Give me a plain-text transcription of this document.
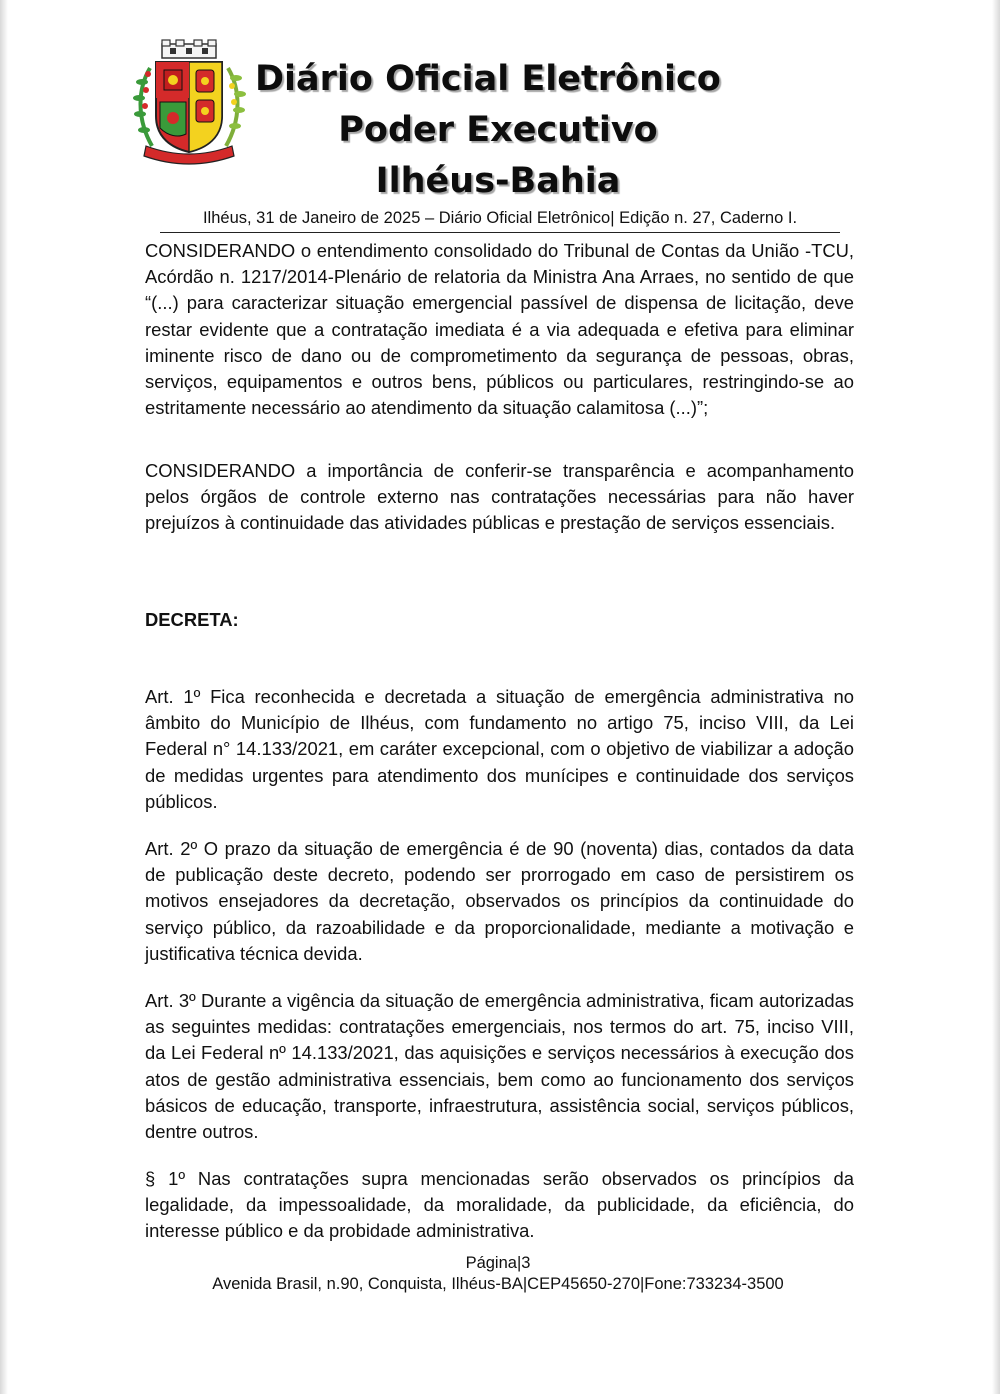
Diário Oficial Eletrônico
Poder Executivo
Ilhéus-Bahia
Ilhéus, 31 de Janeiro de 2025 – Diário Oficial Eletrônico| Edição n. 27, Caderno I.
CONSIDERANDO o entendimento consolidado do Tribunal de Contas da União -TCU, Acórdão n. 1217/2014-Plenário de relatoria da Ministra Ana Arraes, no sentido de que “(...) para caracterizar situação emergencial passível de dispensa de licitação, deve restar evidente que a contratação imediata é a via adequada e efetiva para eliminar iminente risco de dano ou de comprometimento da segurança de pessoas, obras, serviços, equipamentos e outros bens, públicos ou particulares, restringindo-se ao estritamente necessário ao atendimento da situação calamitosa (...)”;
CONSIDERANDO a importância de conferir-se transparência e acompanhamento pelos órgãos de controle externo nas contratações necessárias para não haver prejuízos à continuidade das atividades públicas e prestação de serviços essenciais.
DECRETA:
Art. 1º Fica reconhecida e decretada a situação de emergência administrativa no âmbito do Município de Ilhéus, com fundamento no artigo 75, inciso VIII, da Lei Federal n° 14.133/2021, em caráter excepcional, com o objetivo de viabilizar a adoção de medidas urgentes para atendimento dos munícipes e continuidade dos serviços públicos.
Art. 2º O prazo da situação de emergência é de 90 (noventa) dias, contados da data de publicação deste decreto, podendo ser prorrogado em caso de persistirem os motivos ensejadores da decretação, observados os princípios da continuidade do serviço público, da razoabilidade e da proporcionalidade, mediante a motivação e justificativa técnica devida.
Art. 3º Durante a vigência da situação de emergência administrativa, ficam autorizadas as seguintes medidas: contratações emergenciais, nos termos do art. 75, inciso VIII, da Lei Federal nº 14.133/2021, das aquisições e serviços necessários à execução dos atos de gestão administrativa essenciais, bem como ao funcionamento dos serviços básicos de educação, transporte, infraestrutura, assistência social, serviços públicos, dentre outros.
§ 1º Nas contratações supra mencionadas serão observados os princípios da legalidade, da impessoalidade, da moralidade, da publicidade, da eficiência, do interesse público e da probidade administrativa.
Página|3
Avenida Brasil, n.90, Conquista, Ilhéus-BA|CEP45650-270|Fone:733234-3500
